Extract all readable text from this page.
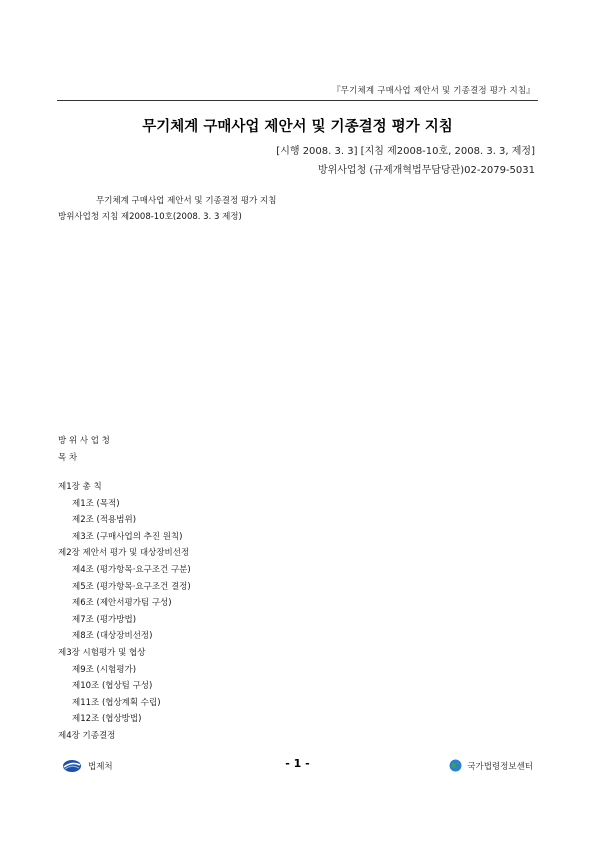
『무기체계 구매사업 제안서 및 기종결정 평가 지침』
무기체계 구매사업 제안서 및 기종결정 평가 지침
[시행 2008. 3. 3] [지침 제2008-10호, 2008. 3. 3, 제정]
방위사업청 (규제개혁법무담당관)02-2079-5031
무기체계 구매사업 제안서 및 기종결정 평가 지침
방위사업청 지침 제2008-10호(2008. 3. 3 제정)
방 위 사 업 청
목 차
제1장 총 칙
제1조 (목적)
제2조 (적용범위)
제3조 (구매사업의 추진 원칙)
제2장 제안서 평가 및 대상장비선정
제4조 (평가항목·요구조건 구분)
제5조 (평가항목·요구조건 결정)
제6조 (제안서평가팀 구성)
제7조 (평가방법)
제8조 (대상장비선정)
제3장 시험평가 및 협상
제9조 (시험평가)
제10조 (협상팀 구성)
제11조 (협상계획 수립)
제12조 (협상방법)
제4장 기종결정
법제처	- 1 -	국가법령정보센터
